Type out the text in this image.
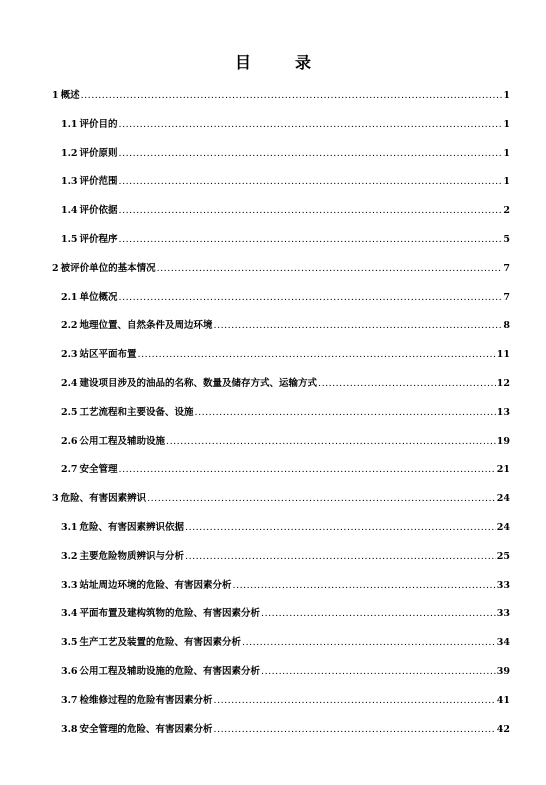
目　录
1 概述 .....	1
1.1 评价目的 .....	1
1.2 评价原则 .....	1
1.3 评价范围 .....	1
1.4 评价依据 .....	2
1.5 评价程序 .....	5
2 被评价单位的基本情况 .....	7
2.1 单位概况 .....	7
2.2 地理位置、自然条件及周边环境 .....	8
2.3 站区平面布置 .....	11
2.4 建设项目涉及的油品的名称、数量及储存方式、运输方式 .....	12
2.5 工艺流程和主要设备、设施 .....	13
2.6 公用工程及辅助设施 .....	19
2.7 安全管理 .....	21
3 危险、有害因素辨识 .....	24
3.1 危险、有害因素辨识依据 .....	24
3.2 主要危险物质辨识与分析 .....	25
3.3 站址周边环境的危险、有害因素分析 .....	33
3.4 平面布置及建构筑物的危险、有害因素分析 .....	33
3.5 生产工艺及装置的危险、有害因素分析 .....	34
3.6 公用工程及辅助设施的危险、有害因素分析 .....	39
3.7 检维修过程的危险有害因素分析 .....	41
3.8 安全管理的危险、有害因素分析 .....	42
